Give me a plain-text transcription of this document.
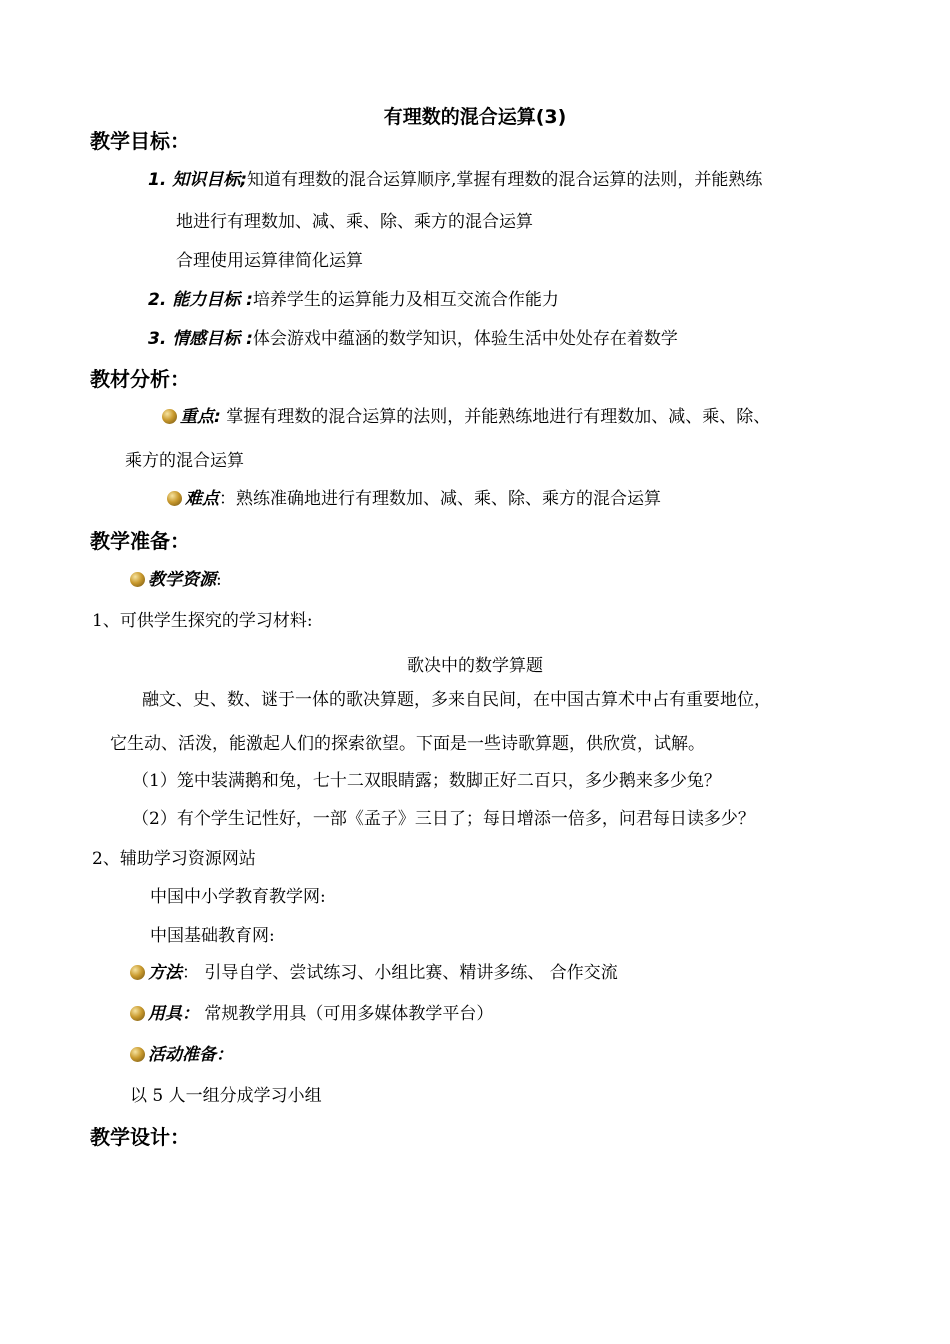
有理数的混合运算(3)
教学目标：
1. 知识目标;知道有理数的混合运算顺序,掌握有理数的混合运算的法则，并能熟练
地进行有理数加、减、乘、除、乘方的混合运算
合理使用运算律简化运算
2. 能力目标 :培养学生的运算能力及相互交流合作能力
3. 情感目标 :体会游戏中蕴涵的数学知识，体验生活中处处存在着数学
教材分析：
重点: 掌握有理数的混合运算的法则，并能熟练地进行有理数加、减、乘、除、
乘方的混合运算
难点：熟练准确地进行有理数加、减、乘、除、乘方的混合运算
教学准备：
教学资源:
1、可供学生探究的学习材料:
歌决中的数学算题
融文、史、数、谜于一体的歌决算题，多来自民间，在中国古算术中占有重要地位，
它生动、活泼，能激起人们的探索欲望。下面是一些诗歌算题，供欣赏，试解。
（1）笼中装满鹅和兔，七十二双眼睛露；数脚正好二百只，多少鹅来多少兔？
（2）有个学生记性好，一部《孟子》三日了；每日增添一倍多，问君每日读多少？
2、辅助学习资源网站
中国中小学教育教学网:
中国基础教育网:
方法： 引导自学、尝试练习、小组比赛、精讲多练、 合作交流
用具： 常规教学用具（可用多媒体教学平台）
活动准备：
以 5 人一组分成学习小组
教学设计：
